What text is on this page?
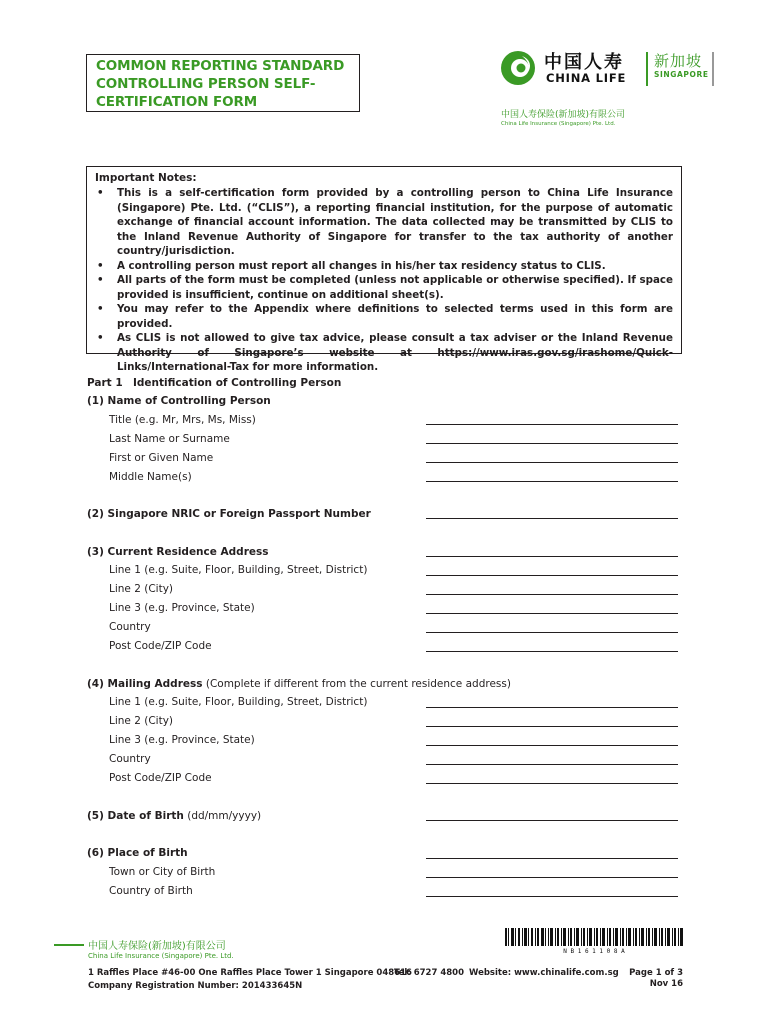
COMMON REPORTING STANDARD
CONTROLLING PERSON SELF-
CERTIFICATION FORM
中国人寿
CHINA LIFE
新加坡
SINGAPORE
中国人寿保险(新加坡)有限公司
China Life Insurance (Singapore) Pte. Ltd.
Important Notes:
• This is a self-certification form provided by a controlling person to China Life Insurance (Singapore) Pte. Ltd. (“CLIS”), a reporting financial institution, for the purpose of automatic exchange of financial account information. The data collected may be transmitted by CLIS to the Inland Revenue Authority of Singapore for transfer to the tax authority of another country/jurisdiction.
• A controlling person must report all changes in his/her tax residency status to CLIS.
• All parts of the form must be completed (unless not applicable or otherwise specified). If space provided is insufficient, continue on additional sheet(s).
• You may refer to the Appendix where definitions to selected terms used in this form are provided.
• As CLIS is not allowed to give tax advice, please consult a tax adviser or the Inland Revenue Authority of Singapore’s website at https://www.iras.gov.sg/irashome/Quick-Links/International-Tax for more information.
Part 1 Identification of Controlling Person
(1) Name of Controlling Person
Title (e.g. Mr, Mrs, Ms, Miss)
Last Name or Surname
First or Given Name
Middle Name(s)
(2) Singapore NRIC or Foreign Passport Number
(3) Current Residence Address
Line 1 (e.g. Suite, Floor, Building, Street, District)
Line 2 (City)
Line 3 (e.g. Province, State)
Country
Post Code/ZIP Code
(4) Mailing Address (Complete if different from the current residence address)
Line 1 (e.g. Suite, Floor, Building, Street, District)
Line 2 (City)
Line 3 (e.g. Province, State)
Country
Post Code/ZIP Code
(5) Date of Birth (dd/mm/yyyy)
(6) Place of Birth
Town or City of Birth
Country of Birth
中国人寿保险(新加坡)有限公司
China Life Insurance (Singapore) Pte. Ltd.
N B 1 6 1 1 0 8 A
1 Raffles Place #46-00 One Raffles Place Tower 1 Singapore 048616
Tel: 6727 4800 Website: www.chinalife.com.sg
Company Registration Number: 201433645N
Page 1 of 3
Nov 16
